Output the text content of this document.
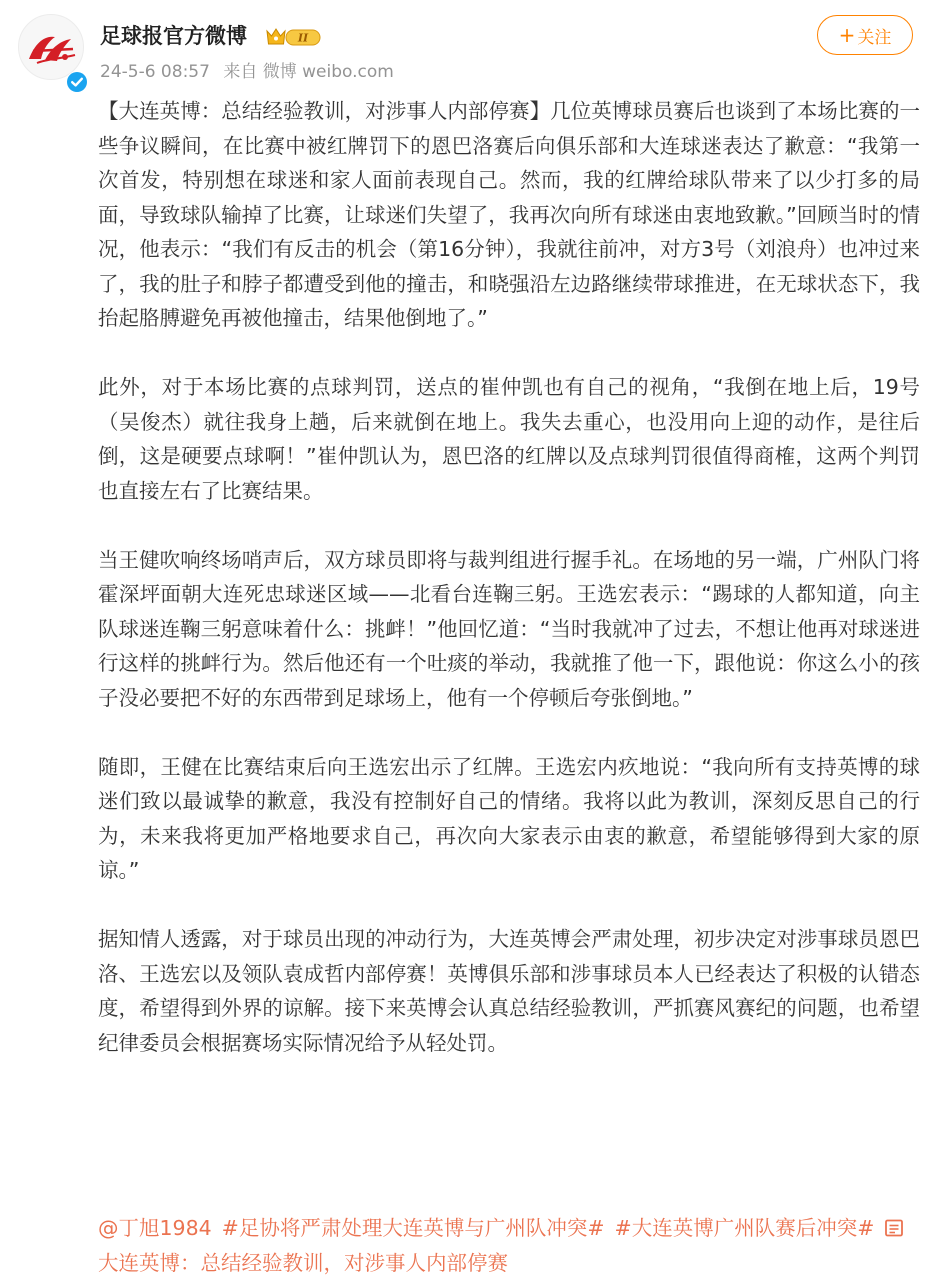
足球报官方微博	II
24-5-6 08:57 来自 微博 weibo.com
+ 关注

【大连英博：总结经验教训，对涉事人内部停赛】几位英博球员赛后也谈到了本场比赛的一些争议瞬间，在比赛中被红牌罚下的恩巴洛赛后向俱乐部和大连球迷表达了歉意：“我第一次首发，特别想在球迷和家人面前表现自己。然而，我的红牌给球队带来了以少打多的局面，导致球队输掉了比赛，让球迷们失望了，我再次向所有球迷由衷地致歉。”回顾当时的情况，他表示：“我们有反击的机会（第16分钟），我就往前冲，对方3号（刘浪舟）也冲过来了，我的肚子和脖子都遭受到他的撞击，和晓强沿左边路继续带球推进，在无球状态下，我抬起胳膊避免再被他撞击，结果他倒地了。”

此外，对于本场比赛的点球判罚，送点的崔仲凯也有自己的视角，“我倒在地上后，19号（吴俊杰）就往我身上趟，后来就倒在地上。我失去重心，也没用向上迎的动作，是往后倒，这是硬要点球啊！”崔仲凯认为，恩巴洛的红牌以及点球判罚很值得商榷，这两个判罚也直接左右了比赛结果。

当王健吹响终场哨声后，双方球员即将与裁判组进行握手礼。在场地的另一端，广州队门将霍深坪面朝大连死忠球迷区域——北看台连鞠三躬。王选宏表示：“踢球的人都知道，向主队球迷连鞠三躬意味着什么：挑衅！”他回忆道：“当时我就冲了过去，不想让他再对球迷进行这样的挑衅行为。然后他还有一个吐痰的举动，我就推了他一下，跟他说：你这么小的孩子没必要把不好的东西带到足球场上，他有一个停顿后夸张倒地。”

随即，王健在比赛结束后向王选宏出示了红牌。王选宏内疚地说：“我向所有支持英博的球迷们致以最诚挚的歉意，我没有控制好自己的情绪。我将以此为教训，深刻反思自己的行为，未来我将更加严格地要求自己，再次向大家表示由衷的歉意，希望能够得到大家的原谅。”

据知情人透露，对于球员出现的冲动行为，大连英博会严肃处理，初步决定对涉事球员恩巴洛、王选宏以及领队袁成哲内部停赛！英博俱乐部和涉事球员本人已经表达了积极的认错态度，希望得到外界的谅解。接下来英博会认真总结经验教训，严抓赛风赛纪的问题，也希望纪律委员会根据赛场实际情况给予从轻处罚。

@丁旭1984 #足协将严肃处理大连英博与广州队冲突# #大连英博广州队赛后冲突#大连英博：总结经验教训，对涉事人内部停赛
